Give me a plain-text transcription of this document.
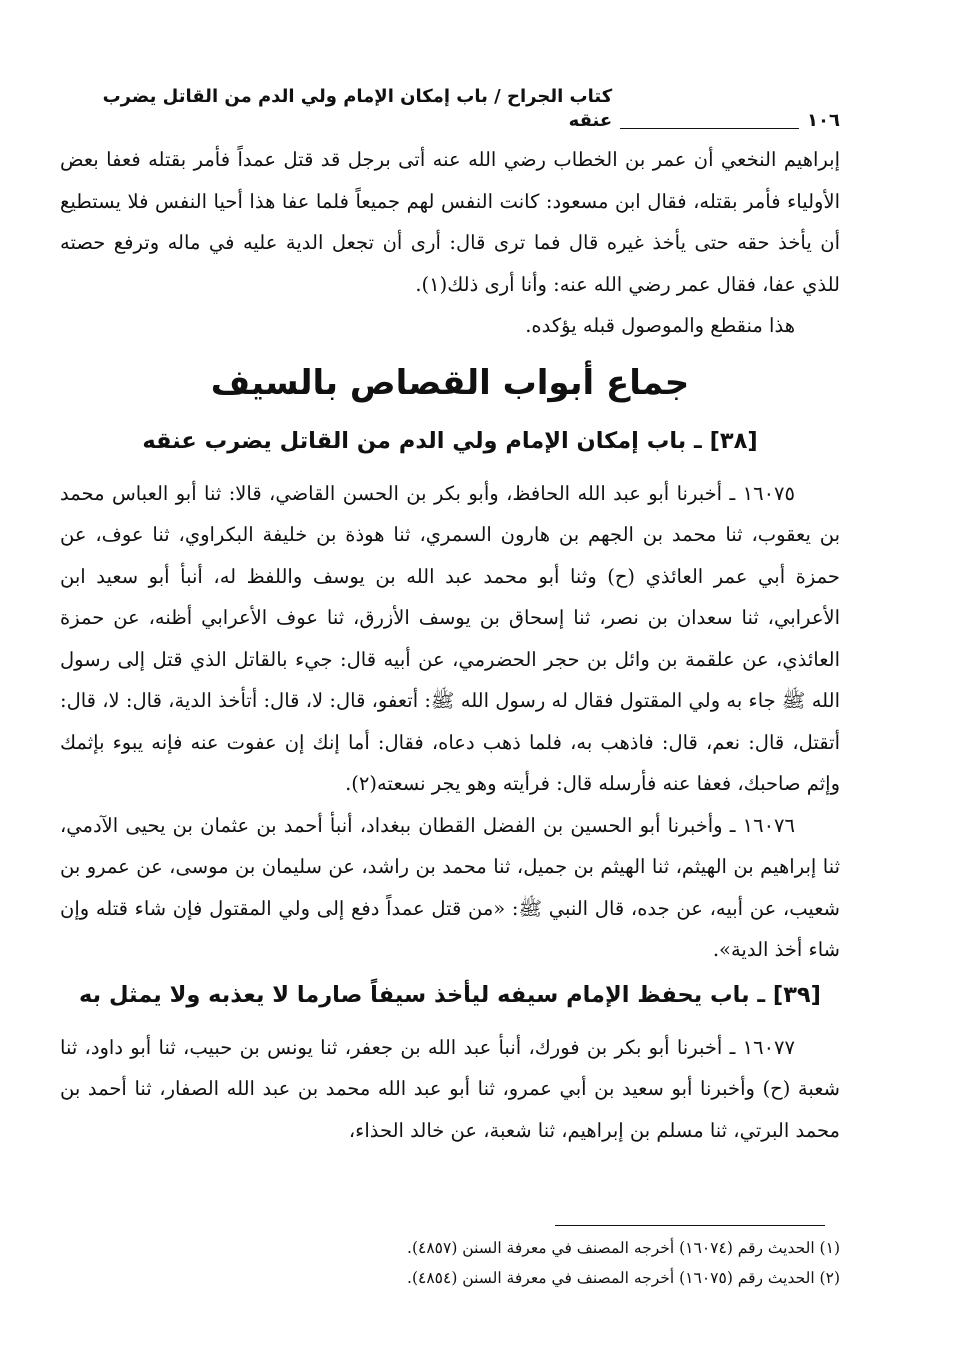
١٠٦
كتاب الجراح / باب إمكان الإمام ولي الدم من القاتل يضرب عنقه

إبراهيم النخعي أن عمر بن الخطاب رضي الله عنه أتى برجل قد قتل عمداً فأمر بقتله فعفا بعض الأولياء فأمر بقتله، فقال ابن مسعود: كانت النفس لهم جميعاً فلما عفا هذا أحيا النفس فلا يستطيع أن يأخذ حقه حتى يأخذ غيره قال فما ترى قال: أرى أن تجعل الدية عليه في ماله وترفع حصته للذي عفا، فقال عمر رضي الله عنه: وأنا أرى ذلك(١).

هذا منقطع والموصول قبله يؤكده.

جماع أبواب القصاص بالسيف
[٣٨] ـ باب إمكان الإمام ولي الدم من القاتل يضرب عنقه

١٦٠٧٥ ـ أخبرنا أبو عبد الله الحافظ، وأبو بكر بن الحسن القاضي، قالا: ثنا أبو العباس محمد بن يعقوب، ثنا محمد بن الجهم بن هارون السمري، ثنا هوذة بن خليفة البكراوي، ثنا عوف، عن حمزة أبي عمر العائذي (ح) وثنا أبو محمد عبد الله بن يوسف واللفظ له، أنبأ أبو سعيد ابن الأعرابي، ثنا سعدان بن نصر، ثنا إسحاق بن يوسف الأزرق، ثنا عوف الأعرابي أظنه، عن حمزة العائذي، عن علقمة بن وائل بن حجر الحضرمي، عن أبيه قال: جيء بالقاتل الذي قتل إلى رسول الله ﷺ جاء به ولي المقتول فقال له رسول الله ﷺ: أتعفو، قال: لا، قال: أتأخذ الدية، قال: لا، قال: أتقتل، قال: نعم، قال: فاذهب به، فلما ذهب دعاه، فقال: أما إنك إن عفوت عنه فإنه يبوء بإثمك وإثم صاحبك، فعفا عنه فأرسله قال: فرأيته وهو يجر نسعته(٢).

١٦٠٧٦ ـ وأخبرنا أبو الحسين بن الفضل القطان ببغداد، أنبأ أحمد بن عثمان بن يحيى الآدمي، ثنا إبراهيم بن الهيثم، ثنا الهيثم بن جميل، ثنا محمد بن راشد، عن سليمان بن موسى، عن عمرو بن شعيب، عن أبيه، عن جده، قال النبي ﷺ: «من قتل عمداً دفع إلى ولي المقتول فإن شاء قتله وإن شاء أخذ الدية».

[٣٩] ـ باب يحفظ الإمام سيفه ليأخذ سيفاً صارما لا يعذبه ولا يمثل به

١٦٠٧٧ ـ أخبرنا أبو بكر بن فورك، أنبأ عبد الله بن جعفر، ثنا يونس بن حبيب، ثنا أبو داود، ثنا شعبة (ح) وأخبرنا أبو سعيد بن أبي عمرو، ثنا أبو عبد الله محمد بن عبد الله الصفار، ثنا أحمد بن محمد البرتي، ثنا مسلم بن إبراهيم، ثنا شعبة، عن خالد الحذاء،

(١) الحديث رقم (١٦٠٧٤) أخرجه المصنف في معرفة السنن (٤٨٥٧).
(٢) الحديث رقم (١٦٠٧٥) أخرجه المصنف في معرفة السنن (٤٨٥٤).
